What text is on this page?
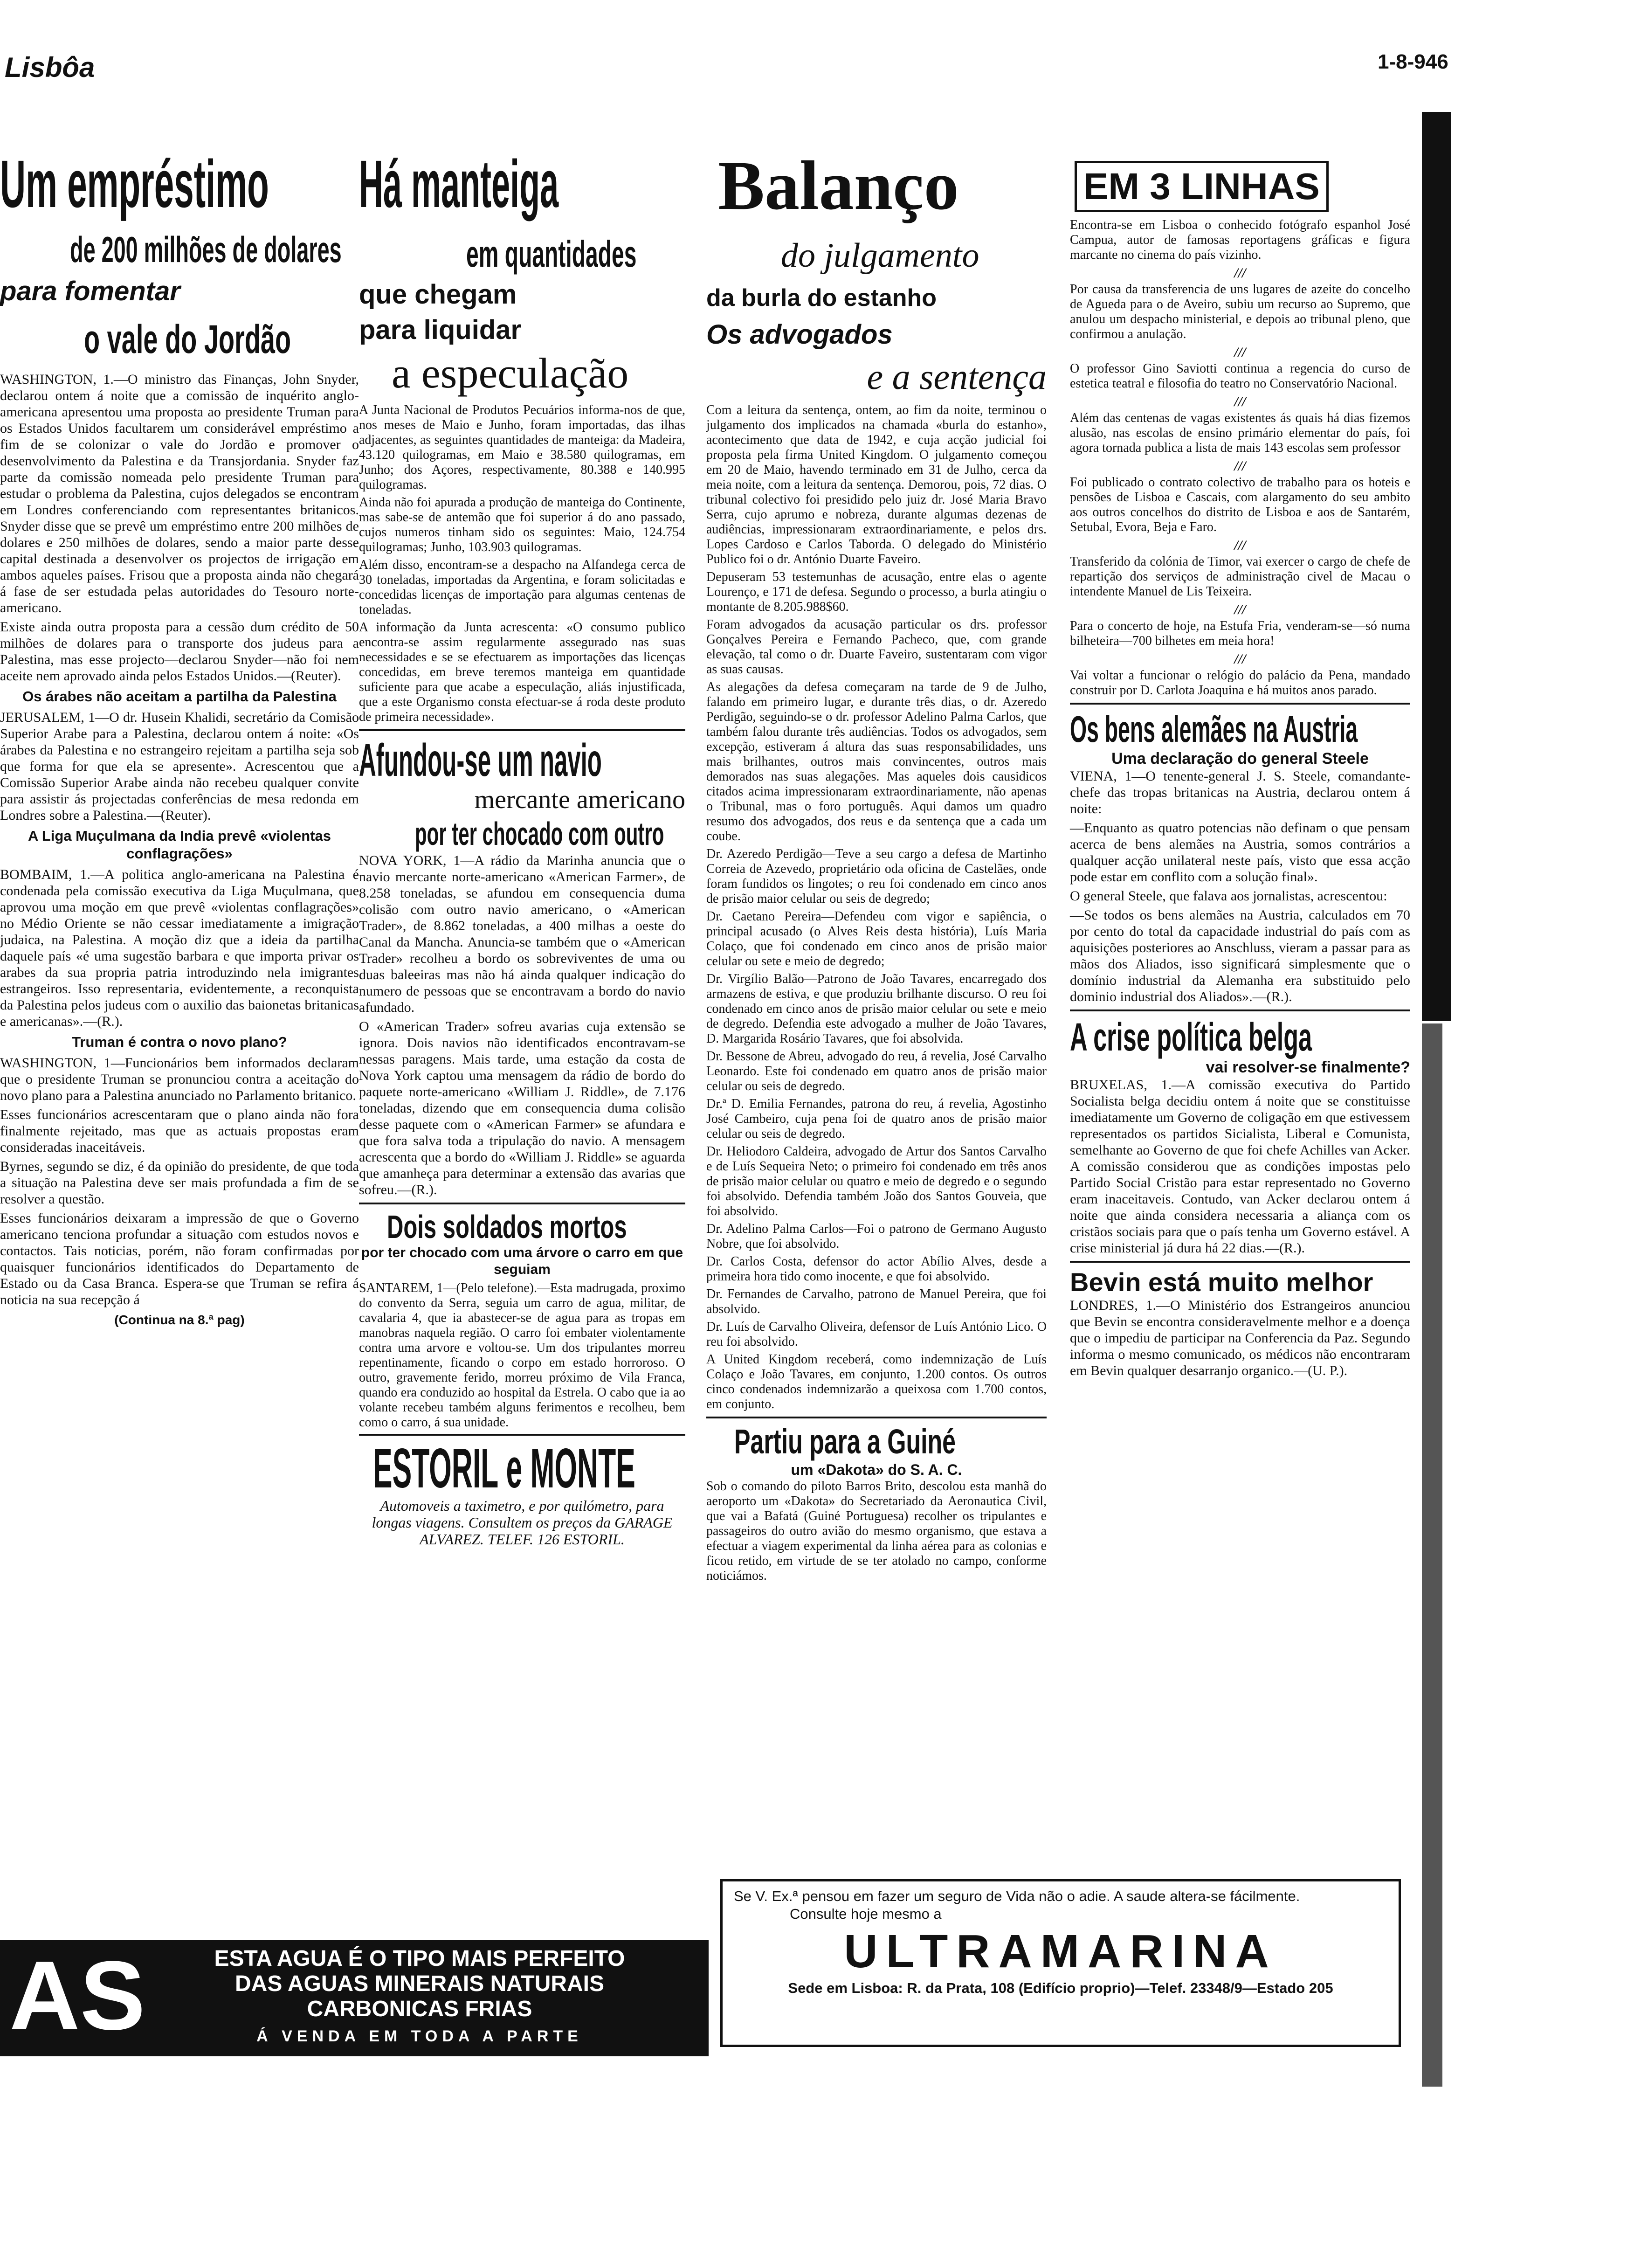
Lisbôa	1-8-946
Um empréstimo
de 200 milhões de dolares
para fomentar
o vale do Jordão

WASHINGTON, 1.—O ministro das Finanças, John Snyder, declarou ontem á noite que a comissão de inquérito anglo-americana apresentou uma proposta ao presidente Truman para os Estados Unidos facultarem um considerável empréstimo a fim de se colonizar o vale do Jordão e promover o desenvolvimento da Palestina e da Transjordania. Snyder faz parte da comissão nomeada pelo presidente Truman para estudar o problema da Palestina, cujos delegados se encontram em Londres conferenciando com representantes britanicos. Snyder disse que se prevê um empréstimo entre 200 milhões de dolares e 250 milhões de dolares, sendo a maior parte desse capital destinada a desenvolver os projectos de irrigação em ambos aqueles países. Frisou que a proposta ainda não chegará á fase de ser estudada pelas autoridades do Tesouro norte-americano.

Existe ainda outra proposta para a cessão dum crédito de 50 milhões de dolares para o transporte dos judeus para a Palestina, mas esse projecto—declarou Snyder—não foi nem aceite nem aprovado ainda pelos Estados Unidos.—(Reuter).

Os árabes não aceitam a partilha da Palestina

JERUSALEM, 1—O dr. Husein Khalidi, secretário da Comisão Superior Arabe para a Palestina, declarou ontem á noite: «Os árabes da Palestina e no estrangeiro rejeitam a partilha seja sob que forma for que ela se apresente». Acrescentou que a Comissão Superior Arabe ainda não recebeu qualquer convite para assistir ás projectadas conferências de mesa redonda em Londres sobre a Palestina.—(Reuter).

A Liga Muçulmana da India prevê «violentas conflagrações»

BOMBAIM, 1.—A politica anglo-americana na Palestina é condenada pela comissão executiva da Liga Muçulmana, que aprovou uma moção em que prevê «violentas conflagrações» no Médio Oriente se não cessar imediatamente a imigração judaica, na Palestina. A moção diz que a ideia da partilha daquele país «é uma sugestão barbara e que importa privar os arabes da sua propria patria introduzindo nela imigrantes estrangeiros. Isso representaria, evidentemente, a reconquista da Palestina pelos judeus com o auxilio das baionetas britanicas e americanas».—(R.).

Truman é contra o novo plano?

WASHINGTON, 1—Funcionários bem informados declaram que o presidente Truman se pronunciou contra a aceitação do novo plano para a Palestina anunciado no Parlamento britanico.

Esses funcionários acrescentaram que o plano ainda não fora finalmente rejeitado, mas que as actuais propostas eram consideradas inaceitáveis.

Byrnes, segundo se diz, é da opinião do presidente, de que toda a situação na Palestina deve ser mais profundada a fim de se resolver a questão.

Esses funcionários deixaram a impressão de que o Governo americano tenciona profundar a situação com estudos novos e contactos. Tais noticias, porém, não foram confirmadas por quaisquer funcionários identificados do Departamento de Estado ou da Casa Branca. Espera-se que Truman se refira á noticia na sua recepção á

(Continua na 8.ª pag)
Há manteiga
em quantidades
que chegam
para liquidar
a especulação

A Junta Nacional de Produtos Pecuários informa-nos de que, nos meses de Maio e Junho, foram importadas, das ilhas adjacentes, as seguintes quantidades de manteiga: da Madeira, 43.120 quilogramas, em Maio e 38.580 quilogramas, em Junho; dos Açores, respectivamente, 80.388 e 140.995 quilogramas.

Ainda não foi apurada a produção de manteiga do Continente, mas sabe-se de antemão que foi superior á do ano passado, cujos numeros tinham sido os seguintes: Maio, 124.754 quilogramas; Junho, 103.903 quilogramas.

Além disso, encontram-se a despacho na Alfandega cerca de 30 toneladas, importadas da Argentina, e foram solicitadas e concedidas licenças de importação para algumas centenas de toneladas.

A informação da Junta acrescenta: «O consumo publico encontra-se assim regularmente assegurado nas suas necessidades e se se efectuarem as importações das licenças concedidas, em breve teremos manteiga em quantidade suficiente para que acabe a especulação, aliás injustificada, que a este Organismo consta efectuar-se á roda deste produto de primeira necessidade».

Afundou-se um navio
mercante americano
por ter chocado com outro

NOVA YORK, 1—A rádio da Marinha anuncia que o navio mercante norte-americano «American Farmer», de 8.258 toneladas, se afundou em consequencia duma colisão com outro navio americano, o «American Trader», de 8.862 toneladas, a 400 milhas a oeste do Canal da Mancha. Anuncia-se também que o «American Trader» recolheu a bordo os sobreviventes de uma ou duas baleeiras mas não há ainda qualquer indicação do numero de pessoas que se encontravam a bordo do navio afundado.

O «American Trader» sofreu avarias cuja extensão se ignora. Dois navios não identificados encontravam-se nessas paragens. Mais tarde, uma estação da costa de Nova York captou uma mensagem da rádio de bordo do paquete norte-americano «William J. Riddle», de 7.176 toneladas, dizendo que em consequencia duma colisão desse paquete com o «American Farmer» se afundara e que fora salva toda a tripulação do navio. A mensagem acrescenta que a bordo do «William J. Riddle» se aguarda que amanheça para determinar a extensão das avarias que sofreu.—(R.).

Dois soldados mortos
por ter chocado com uma árvore o carro em que seguiam

SANTAREM, 1—(Pelo telefone).—Esta madrugada, proximo do convento da Serra, seguia um carro de agua, militar, de cavalaria 4, que ia abastecer-se de agua para as tropas em manobras naquela região. O carro foi embater violentamente contra uma arvore e voltou-se. Um dos tripulantes morreu repentinamente, ficando o corpo em estado horroroso. O outro, gravemente ferido, morreu próximo de Vila Franca, quando era conduzido ao hospital da Estrela. O cabo que ia ao volante recebeu também alguns ferimentos e recolheu, bem como o carro, á sua unidade.

ESTORIL e MONTE
Automoveis a taximetro, e por quilómetro, para longas viagens. Consultem os preços da GARAGE ALVAREZ. TELEF. 126 ESTORIL.
Balanço
do julgamento
da burla do estanho
Os advogados
e a sentença

Com a leitura da sentença, ontem, ao fim da noite, terminou o julgamento dos implicados na chamada «burla do estanho», acontecimento que data de 1942, e cuja acção judicial foi proposta pela firma United Kingdom. O julgamento começou em 20 de Maio, havendo terminado em 31 de Julho, cerca da meia noite, com a leitura da sentença. Demorou, pois, 72 dias. O tribunal colectivo foi presidido pelo juiz dr. José Maria Bravo Serra, cujo aprumo e nobreza, durante algumas dezenas de audiências, impressionaram extraordinariamente, e pelos drs. Lopes Cardoso e Carlos Taborda. O delegado do Ministério Publico foi o dr. António Duarte Faveiro.

Depuseram 53 testemunhas de acusação, entre elas o agente Lourenço, e 171 de defesa. Segundo o processo, a burla atingiu o montante de 8.205.988$60.

Foram advogados da acusação particular os drs. professor Gonçalves Pereira e Fernando Pacheco, que, com grande elevação, tal como o dr. Duarte Faveiro, sustentaram com vigor as suas causas.

As alegações da defesa começaram na tarde de 9 de Julho, falando em primeiro lugar, e durante três dias, o dr. Azeredo Perdigão, seguindo-se o dr. professor Adelino Palma Carlos, que também falou durante três audiências. Todos os advogados, sem excepção, estiveram á altura das suas responsabilidades, uns mais brilhantes, outros mais convincentes, outros mais demorados nas suas alegações. Mas aqueles dois causidicos citados acima impressionaram extraordinariamente, não apenas o Tribunal, mas o foro português. Aqui damos um quadro resumo dos advogados, dos reus e da sentença que a cada um coube.

Dr. Azeredo Perdigão—Teve a seu cargo a defesa de Martinho Correia de Azevedo, proprietário oda oficina de Castelães, onde foram fundidos os lingotes; o reu foi condenado em cinco anos de prisão maior celular ou seis de degredo;

Dr. Caetano Pereira—Defendeu com vigor e sapiência, o principal acusado (o Alves Reis desta história), Luís Maria Colaço, que foi condenado em cinco anos de prisão maior celular ou sete e meio de degredo;

Dr. Virgílio Balão—Patrono de João Tavares, encarregado dos armazens de estiva, e que produziu brilhante discurso. O reu foi condenado em cinco anos de prisão maior celular ou sete e meio de degredo. Defendia este advogado a mulher de João Tavares, D. Margarida Rosário Tavares, que foi absolvida.

Dr. Bessone de Abreu, advogado do reu, á revelia, José Carvalho Leonardo. Este foi condenado em quatro anos de prisão maior celular ou seis de degredo.

Dr.ª D. Emilia Fernandes, patrona do reu, á revelia, Agostinho José Cambeiro, cuja pena foi de quatro anos de prisão maior celular ou seis de degredo.

Dr. Heliodoro Caldeira, advogado de Artur dos Santos Carvalho e de Luís Sequeira Neto; o primeiro foi condenado em três anos de prisão maior celular ou quatro e meio de degredo e o segundo foi absolvido. Defendia também João dos Santos Gouveia, que foi absolvido.

Dr. Adelino Palma Carlos—Foi o patrono de Germano Augusto Nobre, que foi absolvido.

Dr. Carlos Costa, defensor do actor Abílio Alves, desde a primeira hora tido como inocente, e que foi absolvido.

Dr. Fernandes de Carvalho, patrono de Manuel Pereira, que foi absolvido.

Dr. Luís de Carvalho Oliveira, defensor de Luís António Lico. O reu foi absolvido.

A United Kingdom receberá, como indemnização de Luís Colaço e João Tavares, em conjunto, 1.200 contos. Os outros cinco condenados indemnizarão a queixosa com 1.700 contos, em conjunto.

Partiu para a Guiné
um «Dakota» do S. A. C.

Sob o comando do piloto Barros Brito, descolou esta manhã do aeroporto um «Dakota» do Secretariado da Aeronautica Civil, que vai a Bafatá (Guiné Portuguesa) recolher os tripulantes e passageiros do outro avião do mesmo organismo, que estava a efectuar a viagem experimental da linha aérea para as colonias e ficou retido, em virtude de se ter atolado no campo, conforme noticiámos.

EM 3 LINHAS

Encontra-se em Lisboa o conhecido fotógrafo espanhol José Campua, autor de famosas reportagens gráficas e figura marcante no cinema do país vizinho.

///

Por causa da transferencia de uns lugares de azeite do concelho de Agueda para o de Aveiro, subiu um recurso ao Supremo, que anulou um despacho ministerial, e depois ao tribunal pleno, que confirmou a anulação.

///

O professor Gino Saviotti continua a regencia do curso de estetica teatral e filosofia do teatro no Conservatório Nacional.

///

Além das centenas de vagas existentes ás quais há dias fizemos alusão, nas escolas de ensino primário elementar do país, foi agora tornada publica a lista de mais 143 escolas sem professor

///

Foi publicado o contrato colectivo de trabalho para os hoteis e pensões de Lisboa e Cascais, com alargamento do seu ambito aos outros concelhos do distrito de Lisboa e aos de Santarém, Setubal, Evora, Beja e Faro.

///

Transferido da colónia de Timor, vai exercer o cargo de chefe de repartição dos serviços de administração civel de Macau o intendente Manuel de Lis Teixeira.

///

Para o concerto de hoje, na Estufa Fria, venderam-se—só numa bilheteira—700 bilhetes em meia hora!

///

Vai voltar a funcionar o relógio do palácio da Pena, mandado construir por D. Carlota Joaquina e há muitos anos parado.

Os bens alemães na Austria
Uma declaração do general Steele

VIENA, 1—O tenente-general J. S. Steele, comandante-chefe das tropas britanicas na Austria, declarou ontem á noite:

—Enquanto as quatro potencias não definam o que pensam acerca de bens alemães na Austria, somos contrários a qualquer acção unilateral neste país, visto que essa acção pode estar em conflito com a solução final».

O general Steele, que falava aos jornalistas, acrescentou:

—Se todos os bens alemães na Austria, calculados em 70 por cento do total da capacidade industrial do país com as aquisições posteriores ao Anschluss, vieram a passar para as mãos dos Aliados, isso significará simplesmente que o domínio industrial da Alemanha era substituido pelo dominio industrial dos Aliados».—(R.).

A crise política belga
vai resolver-se finalmente?

BRUXELAS, 1.—A comissão executiva do Partido Socialista belga decidiu ontem á noite que se constituisse imediatamente um Governo de coligação em que estivessem representados os partidos Sicialista, Liberal e Comunista, semelhante ao Governo de que foi chefe Achilles van Acker. A comissão considerou que as condições impostas pelo Partido Social Cristão para estar representado no Governo eram inaceitaveis. Contudo, van Acker declarou ontem á noite que ainda considera necessaria a aliança com os cristãos sociais para que o país tenha um Governo estável. A crise ministerial já dura há 22 dias.—(R.).

Bevin está muito melhor

LONDRES, 1.—O Ministério dos Estrangeiros anunciou que Bevin se encontra consideravelmente melhor e a doença que o impediu de participar na Conferencia da Paz. Segundo informa o mesmo comunicado, os médicos não encontraram em Bevin qualquer desarranjo organico.—(U. P.).

Se V. Ex.ª pensou em fazer um seguro de Vida não o adie. A saude altera-se fácilmente.
Consulte hoje mesmo a
ULTRAMARINA
Sede em Lisboa: R. da Prata, 108 (Edifício proprio)—Telef. 23348/9—Estado 205
AS	ESTA AGUA É O TIPO MAIS PERFEITO
DAS AGUAS MINERAIS NATURAIS
CARBONICAS FRIAS
Á VENDA EM TODA A PARTE
